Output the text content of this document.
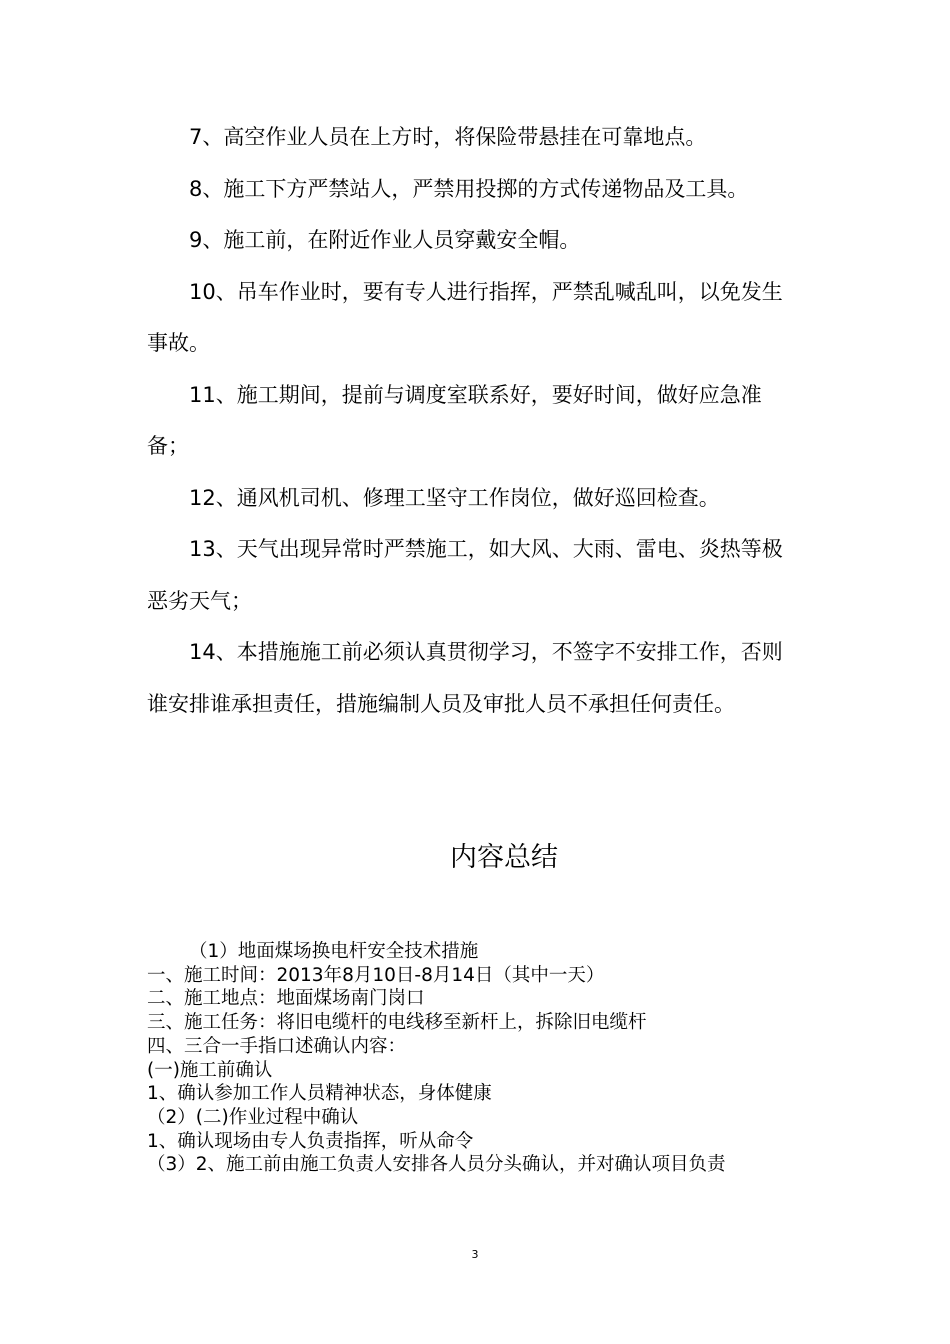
7、高空作业人员在上方时，将保险带悬挂在可靠地点。

8、施工下方严禁站人，严禁用投掷的方式传递物品及工具。

9、施工前，在附近作业人员穿戴安全帽。

10、吊车作业时，要有专人进行指挥，严禁乱喊乱叫，以免发生事故。

11、施工期间，提前与调度室联系好，要好时间，做好应急准备；

12、通风机司机、修理工坚守工作岗位，做好巡回检查。

13、天气出现异常时严禁施工，如大风、大雨、雷电、炎热等极恶劣天气；

14、本措施施工前必须认真贯彻学习，不签字不安排工作，否则谁安排谁承担责任，措施编制人员及审批人员不承担任何责任。

内容总结
（1）地面煤场换电杆安全技术措施
一、施工时间：2013年8月10日-8月14日（其中一天）
二、施工地点：地面煤场南门岗口
三、施工任务：将旧电缆杆的电线移至新杆上，拆除旧电缆杆
四、三合一手指口述确认内容：
(一)施工前确认
1、确认参加工作人员精神状态，身体健康
（2）(二)作业过程中确认
1、确认现场由专人负责指挥，听从命令
（3）2、施工前由施工负责人安排各人员分头确认，并对确认项目负责
3
